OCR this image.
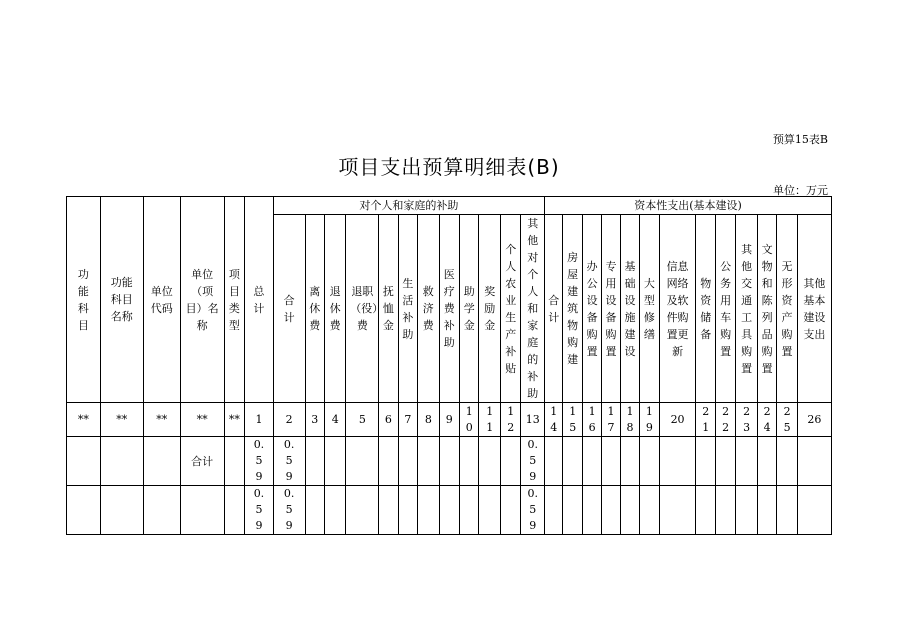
预算15表B
项目支出预算明细表(B)
单位：万元
功能科目	功能科目名称	单位代码	单位（项目）名称	项目类型	总计	对个人和家庭的补助												资本性支出(基本建设)												
						合计	离休费	退休费	退职（役）费	抚恤金	生活补助	救济费	医疗费补助	助学金	奖励金	个人农业生产补贴	其他对个人和家庭的补助	合计	房屋建筑物购建	办公设备购置	专用设备购置	基础设施建设	大型修缮	信息网络及软件购置更新	物资储备	公务用车购置	其他交通工具购置	文物和陈列品购置	无形资产购置	其他基本建设支出
**	**	**	**	**	1	2	3	4	5	6	7	8	9	10	11	12	13	14	15	16	17	18	19	20	21	22	23	24	25	26
			合计		0.59	0.59											0.59													
					0.59	0.59											0.59													
